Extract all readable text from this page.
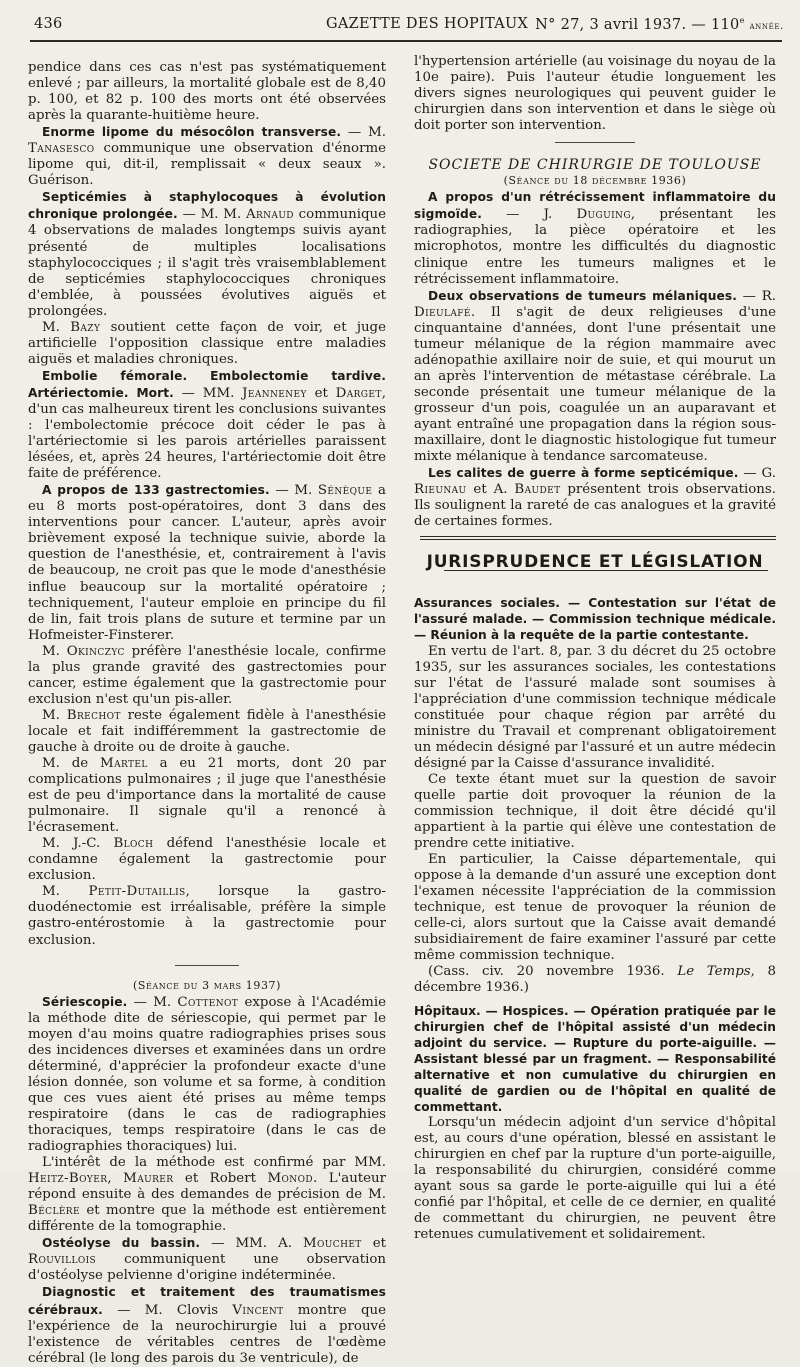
436	GAZETTE DES HOPITAUX N° 27, 3 avril 1937. — 110e année.

pendice dans ces cas n'est pas systématiquement enlevé ; par ailleurs, la mortalité globale est de 8,40 p. 100, et 82 p. 100 des morts ont été observées après la quarante-huitième heure.

Enorme lipome du mésocôlon transverse. — M. Tanasesco communique une observation d'énorme lipome qui, dit-il, remplissait « deux seaux ». Guérison.

Septicémies à staphylocoques à évolution chronique prolongée. — M. M. Arnaud communique 4 observations de malades longtemps suivis ayant présenté de multiples localisations staphylococciques ; il s'agit très vraisemblablement de septicémies staphylococciques chroniques d'emblée, à poussées évolutives aiguës et prolongées.

M. Bazy soutient cette façon de voir, et juge artificielle l'opposition classique entre maladies aiguës et maladies chroniques.

Embolie fémorale. Embolectomie tardive. Artériectomie. Mort. — MM. Jeanneney et Darget, d'un cas malheureux tirent les conclusions suivantes : l'embolectomie précoce doit céder le pas à l'artériectomie si les parois artérielles paraissent lésées, et, après 24 heures, l'artériectomie doit être faite de préférence.

A propos de 133 gastrectomies. — M. Sénèque a eu 8 morts post-opératoires, dont 3 dans des interventions pour cancer. L'auteur, après avoir brièvement exposé la technique suivie, aborde la question de l'anesthésie, et, contrairement à l'avis de beaucoup, ne croit pas que le mode d'anesthésie influe beaucoup sur la mortalité opératoire ; techniquement, l'auteur emploie en principe du fil de lin, fait trois plans de suture et termine par un Hofmeister-Finsterer.

M. Okinczyc préfère l'anesthésie locale, confirme la plus grande gravité des gastrectomies pour cancer, estime également que la gastrectomie pour exclusion n'est qu'un pis-aller.

M. Brechot reste également fidèle à l'anesthésie locale et fait indifféremment la gastrectomie de gauche à droite ou de droite à gauche.

M. de Martel a eu 21 morts, dont 20 par complications pulmonaires ; il juge que l'anesthésie est de peu d'importance dans la mortalité de cause pulmonaire. Il signale qu'il a renoncé à l'écrasement.

M. J.-C. Bloch défend l'anesthésie locale et condamne également la gastrectomie pour exclusion.

M. Petit-Dutaillis, lorsque la gastro-duodénectomie est irréalisable, préfère la simple gastro-entérostomie à la gastrectomie pour exclusion.

(Séance du 3 mars 1937)

Sériescopie. — M. Cottenot expose à l'Académie la méthode dite de sériescopie, qui permet par le moyen d'au moins quatre radiographies prises sous des incidences diverses et examinées dans un ordre déterminé, d'apprécier la profondeur exacte d'une lésion donnée, son volume et sa forme, à condition que ces vues aient été prises au même temps respiratoire (dans le cas de radiographies thoraciques, temps respiratoire (dans le cas de radiographies thoraciques) lui.

L'intérêt de la méthode est confirmé par MM. Heitz-Boyer, Maurer et Robert Monod. L'auteur répond ensuite à des demandes de précision de M. Béclère et montre que la méthode est entièrement différente de la tomographie.

Ostéolyse du bassin. — MM. A. Mouchet et Rouvillois communiquent une observation d'ostéolyse pelvienne d'origine indéterminée.

Diagnostic et traitement des traumatismes cérébraux. — M. Clovis Vincent montre que l'expérience de la neurochirurgie lui a prouvé l'existence de véritables centres de l'œdème cérébral (le long des parois du 3e ventricule), de

l'hypertension artérielle (au voisinage du noyau de la 10e paire). Puis l'auteur étudie longuement les divers signes neurologiques qui peuvent guider le chirurgien dans son intervention et dans le siège où doit porter son intervention.

SOCIETE DE CHIRURGIE DE TOULOUSE

(Séance du 18 décembre 1936)

A propos d'un rétrécissement inflammatoire du sigmoïde. — J. Duguing, présentant les radiographies, la pièce opératoire et les microphotos, montre les difficultés du diagnostic clinique entre les tumeurs malignes et le rétrécissement inflammatoire.

Deux observations de tumeurs mélaniques. — R. Dieulafé. Il s'agit de deux religieuses d'une cinquantaine d'années, dont l'une présentait une tumeur mélanique de la région mammaire avec adénopathie axillaire noir de suie, et qui mourut un an après l'intervention de métastase cérébrale. La seconde présentait une tumeur mélanique de la grosseur d'un pois, coagulée un an auparavant et ayant entraîné une propagation dans la région sous-maxillaire, dont le diagnostic histologique fut tumeur mixte mélanique à tendance sarcomateuse.

Les calites de guerre à forme septicémique. — G. Rieunau et A. Baudet présentent trois observations. Ils soulignent la rareté de cas analogues et la gravité de certaines formes.

JURISPRUDENCE ET LÉGISLATION

Assurances sociales. — Contestation sur l'état de l'assuré malade. — Commission technique médicale. — Réunion à la requête de la partie contestante.

En vertu de l'art. 8, par. 3 du décret du 25 octobre 1935, sur les assurances sociales, les contestations sur l'état de l'assuré malade sont soumises à l'appréciation d'une commission technique médicale constituée pour chaque région par arrêté du ministre du Travail et comprenant obligatoirement un médecin désigné par l'assuré et un autre médecin désigné par la Caisse d'assurance invalidité.

Ce texte étant muet sur la question de savoir quelle partie doit provoquer la réunion de la commission technique, il doit être décidé qu'il appartient à la partie qui élève une contestation de prendre cette initiative.

En particulier, la Caisse départementale, qui oppose à la demande d'un assuré une exception dont l'examen nécessite l'appréciation de la commission technique, est tenue de provoquer la réunion de celle-ci, alors surtout que la Caisse avait demandé subsidiairement de faire examiner l'assuré par cette même commission technique.

(Cass. civ. 20 novembre 1936. Le Temps, 8 décembre 1936.)

Hôpitaux. — Hospices. — Opération pratiquée par le chirurgien chef de l'hôpital assisté d'un médecin adjoint du service. — Rupture du porte-aiguille. — Assistant blessé par un fragment. — Responsabilité alternative et non cumulative du chirurgien en qualité de gardien ou de l'hôpital en qualité de commettant.

Lorsqu'un médecin adjoint d'un service d'hôpital est, au cours d'une opération, blessé en assistant le chirurgien en chef par la rupture d'un porte-aiguille, la responsabilité du chirurgien, considéré comme ayant sous sa garde le porte-aiguille qui lui a été confié par l'hôpital, et celle de ce dernier, en qualité de commettant du chirurgien, ne peuvent être retenues cumulativement et solidairement.
